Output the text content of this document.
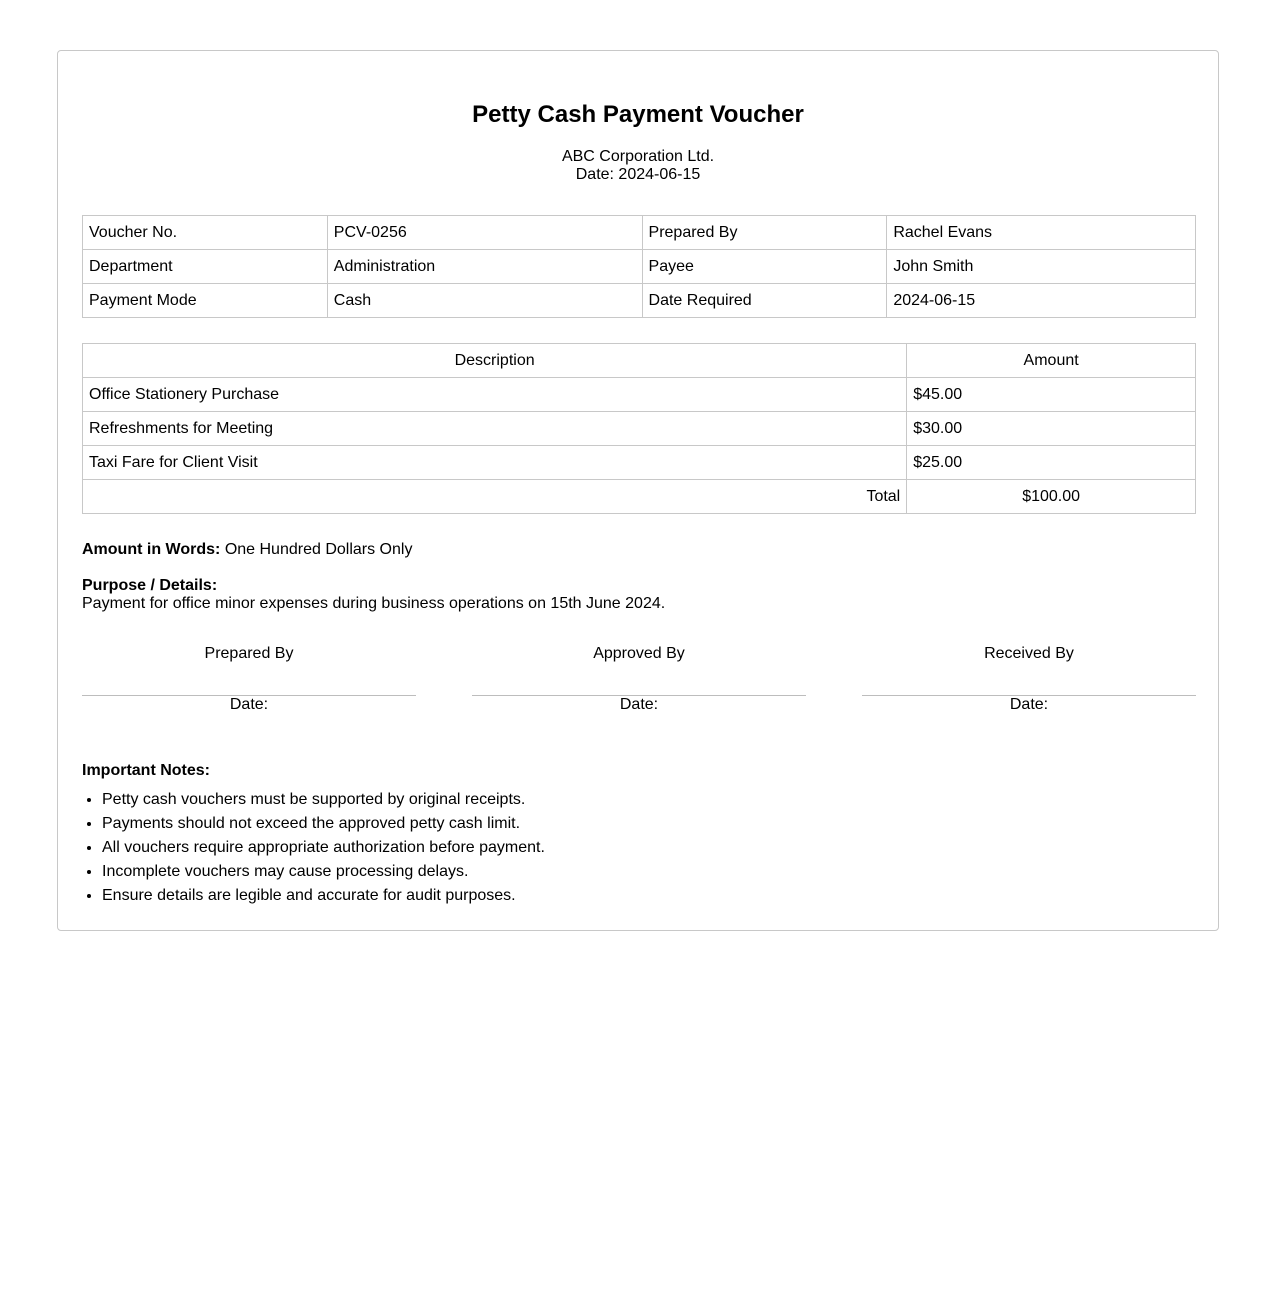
Petty Cash Payment Voucher
ABC Corporation Ltd.
Date: 2024-06-15
Voucher No.	PCV-0256	Prepared By	Rachel Evans
Department	Administration	Payee	John Smith
Payment Mode	Cash	Date Required	2024-06-15
Description	Amount
Office Stationery Purchase	$45.00
Refreshments for Meeting	$30.00
Taxi Fare for Client Visit	$25.00
Total	$100.00
Amount in Words: One Hundred Dollars Only
Purpose / Details:
Payment for office minor expenses during business operations on 15th June 2024.
Prepared By
Date:
Approved By
Date:
Received By
Date:
Important Notes:
• Petty cash vouchers must be supported by original receipts.
• Payments should not exceed the approved petty cash limit.
• All vouchers require appropriate authorization before payment.
• Incomplete vouchers may cause processing delays.
• Ensure details are legible and accurate for audit purposes.
